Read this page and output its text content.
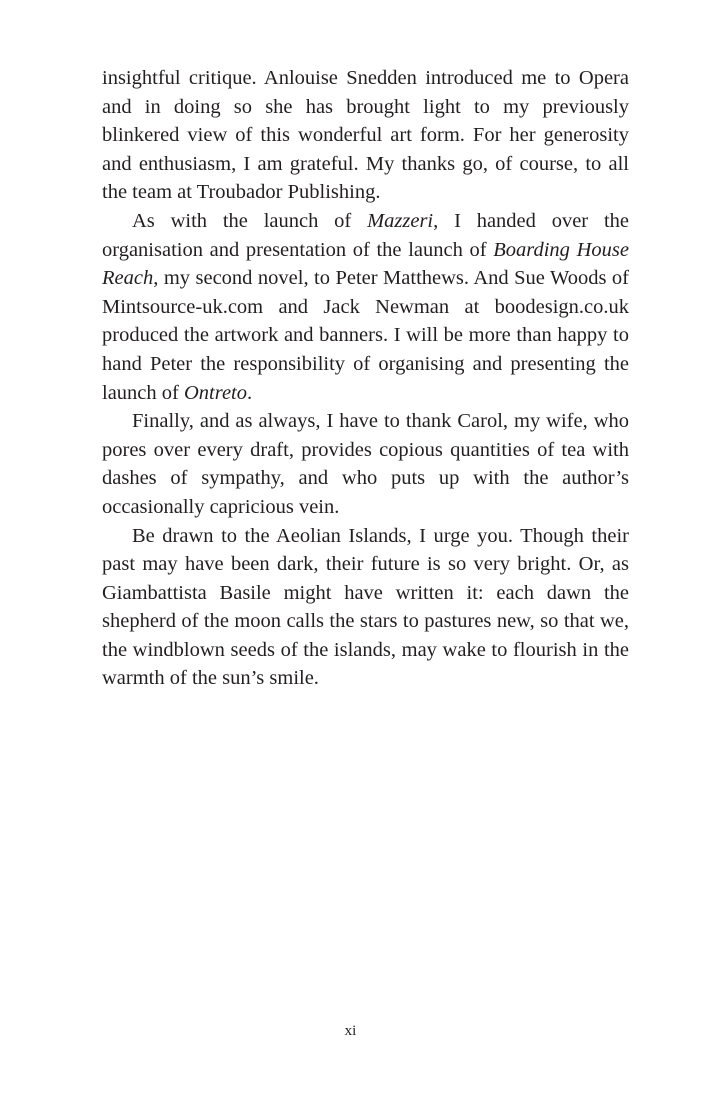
insightful critique. Anlouise Snedden introduced me to Opera and in doing so she has brought light to my previously blinkered view of this wonderful art form. For her generosity and enthusiasm, I am grateful. My thanks go, of course, to all the team at Troubador Publishing.

As with the launch of Mazzeri, I handed over the organisation and presentation of the launch of Boarding House Reach, my second novel, to Peter Matthews. And Sue Woods of Mintsource-uk.com and Jack Newman at boodesign.co.uk produced the artwork and banners. I will be more than happy to hand Peter the responsibility of organising and presenting the launch of Ontreto.

Finally, and as always, I have to thank Carol, my wife, who pores over every draft, provides copious quantities of tea with dashes of sympathy, and who puts up with the author’s occasionally capricious vein.

Be drawn to the Aeolian Islands, I urge you. Though their past may have been dark, their future is so very bright. Or, as Giambattista Basile might have written it: each dawn the shepherd of the moon calls the stars to pastures new, so that we, the windblown seeds of the islands, may wake to flourish in the warmth of the sun’s smile.

xi
